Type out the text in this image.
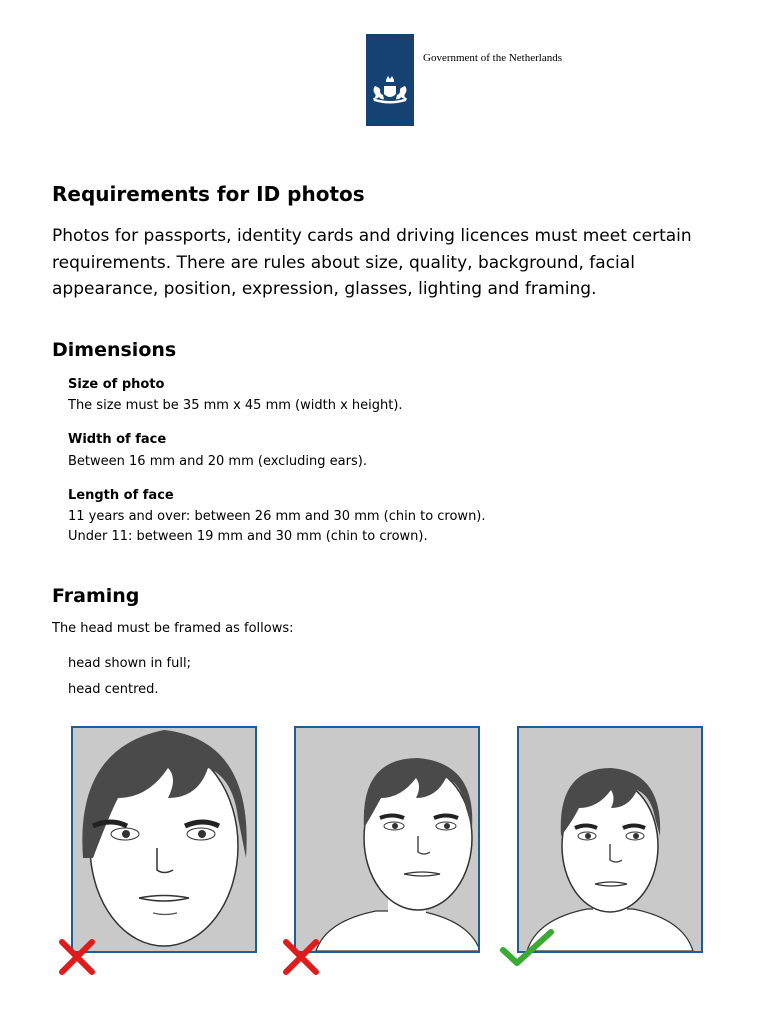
Government of the Netherlands
Requirements for ID photos

Photos for passports, identity cards and driving licences must meet certain requirements. There are rules about size, quality, background, facial appearance, position, expression, glasses, lighting and framing.

Dimensions
Size of photo
The size must be 35 mm x 45 mm (width x height).
Width of face
Between 16 mm and 20 mm (excluding ears).
Length of face
11 years and over: between 26 mm and 30 mm (chin to crown).
Under 11: between 19 mm and 30 mm (chin to crown).
Framing
The head must be framed as follows:
head shown in full;
head centred.
